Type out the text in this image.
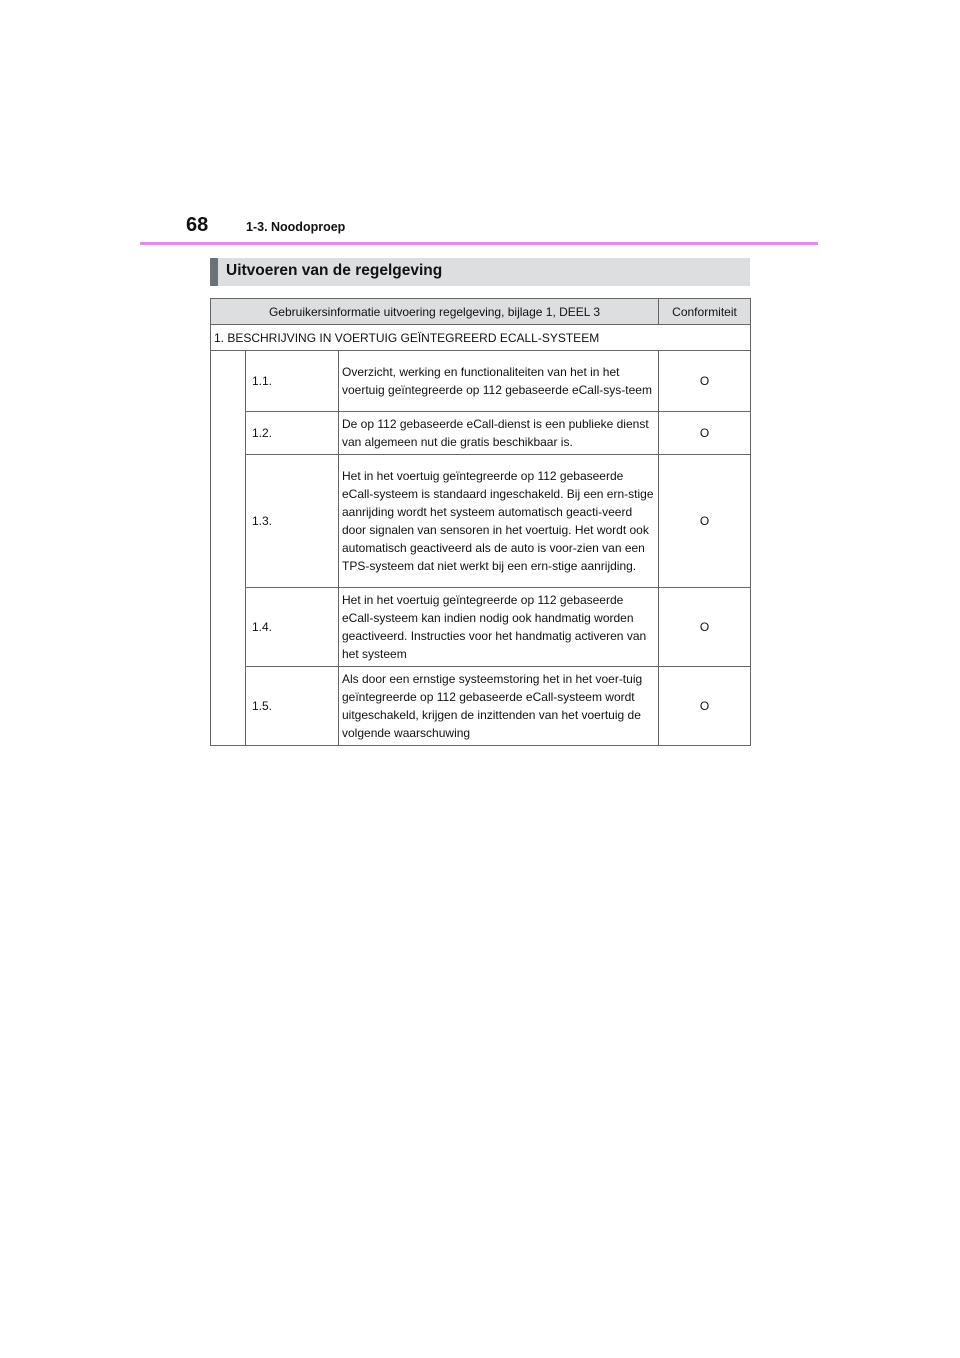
68	1-3. Noodoproep
Uitvoeren van de regelgeving
Gebruikersinformatie uitvoering regelgeving, bijlage 1, DEEL 3			Conformiteit
1. BESCHRIJVING IN VOERTUIG GEÏNTEGREERD ECALL-SYSTEEM			
	1.1.	Overzicht, werking en functionaliteiten van het in het voertuig geïntegreerde op 112 gebaseerde eCall-sys-teem	O
	1.2.	De op 112 gebaseerde eCall-dienst is een publieke dienst van algemeen nut die gratis beschikbaar is.	O
	1.3.	Het in het voertuig geïntegreerde op 112 gebaseerde eCall-systeem is standaard ingeschakeld. Bij een ern-stige aanrijding wordt het systeem automatisch geacti-veerd door signalen van sensoren in het voertuig. Het wordt ook automatisch geactiveerd als de auto is voor-zien van een TPS-systeem dat niet werkt bij een ern-stige aanrijding.	O
	1.4.	Het in het voertuig geïntegreerde op 112 gebaseerde eCall-systeem kan indien nodig ook handmatig worden geactiveerd. Instructies voor het handmatig activeren van het systeem	O
	1.5.	Als door een ernstige systeemstoring het in het voer-tuig geïntegreerde op 112 gebaseerde eCall-systeem wordt uitgeschakeld, krijgen de inzittenden van het voertuig de volgende waarschuwing	O
